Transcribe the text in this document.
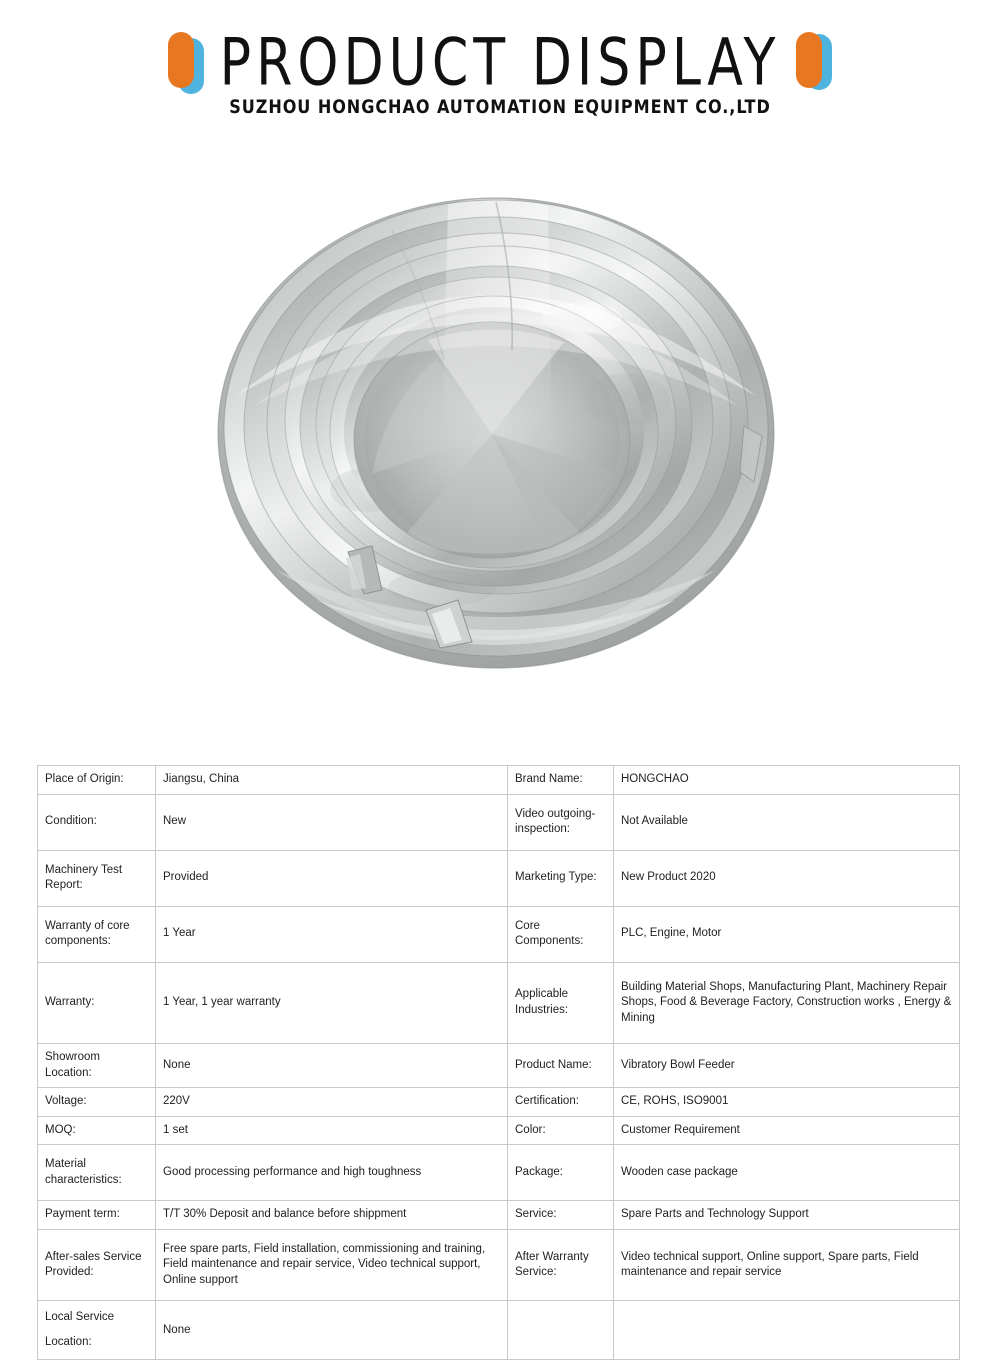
PRODUCT DISPLAY
SUZHOU HONGCHAO AUTOMATION EQUIPMENT CO.,LTD
Place of Origin:	Jiangsu, China	Brand Name:	HONGCHAO
Condition:	New	Video outgoing-inspection:	Not Available
Machinery Test Report:	Provided	Marketing Type:	New Product 2020
Warranty of core components:	1 Year	Core Components:	PLC, Engine, Motor
Warranty:	1 Year, 1 year warranty	Applicable Industries:	Building Material Shops, Manufacturing Plant, Machinery Repair Shops, Food & Beverage Factory, Construction works , Energy & Mining
Showroom Location:	None	Product Name:	Vibratory Bowl Feeder
Voltage:	220V	Certification:	CE, ROHS, ISO9001
MOQ:	1 set	Color:	Customer Requirement
Material characteristics:	Good processing performance and high toughness	Package:	Wooden case package
Payment term:	T/T 30% Deposit and balance before shippment	Service:	Spare Parts and Technology Support
After-sales Service Provided:	Free spare parts, Field installation, commissioning and training, Field maintenance and repair service, Video technical support, Online support	After Warranty Service:	Video technical support, Online support, Spare parts, Field maintenance and repair service

Local Service
Location:	None		
